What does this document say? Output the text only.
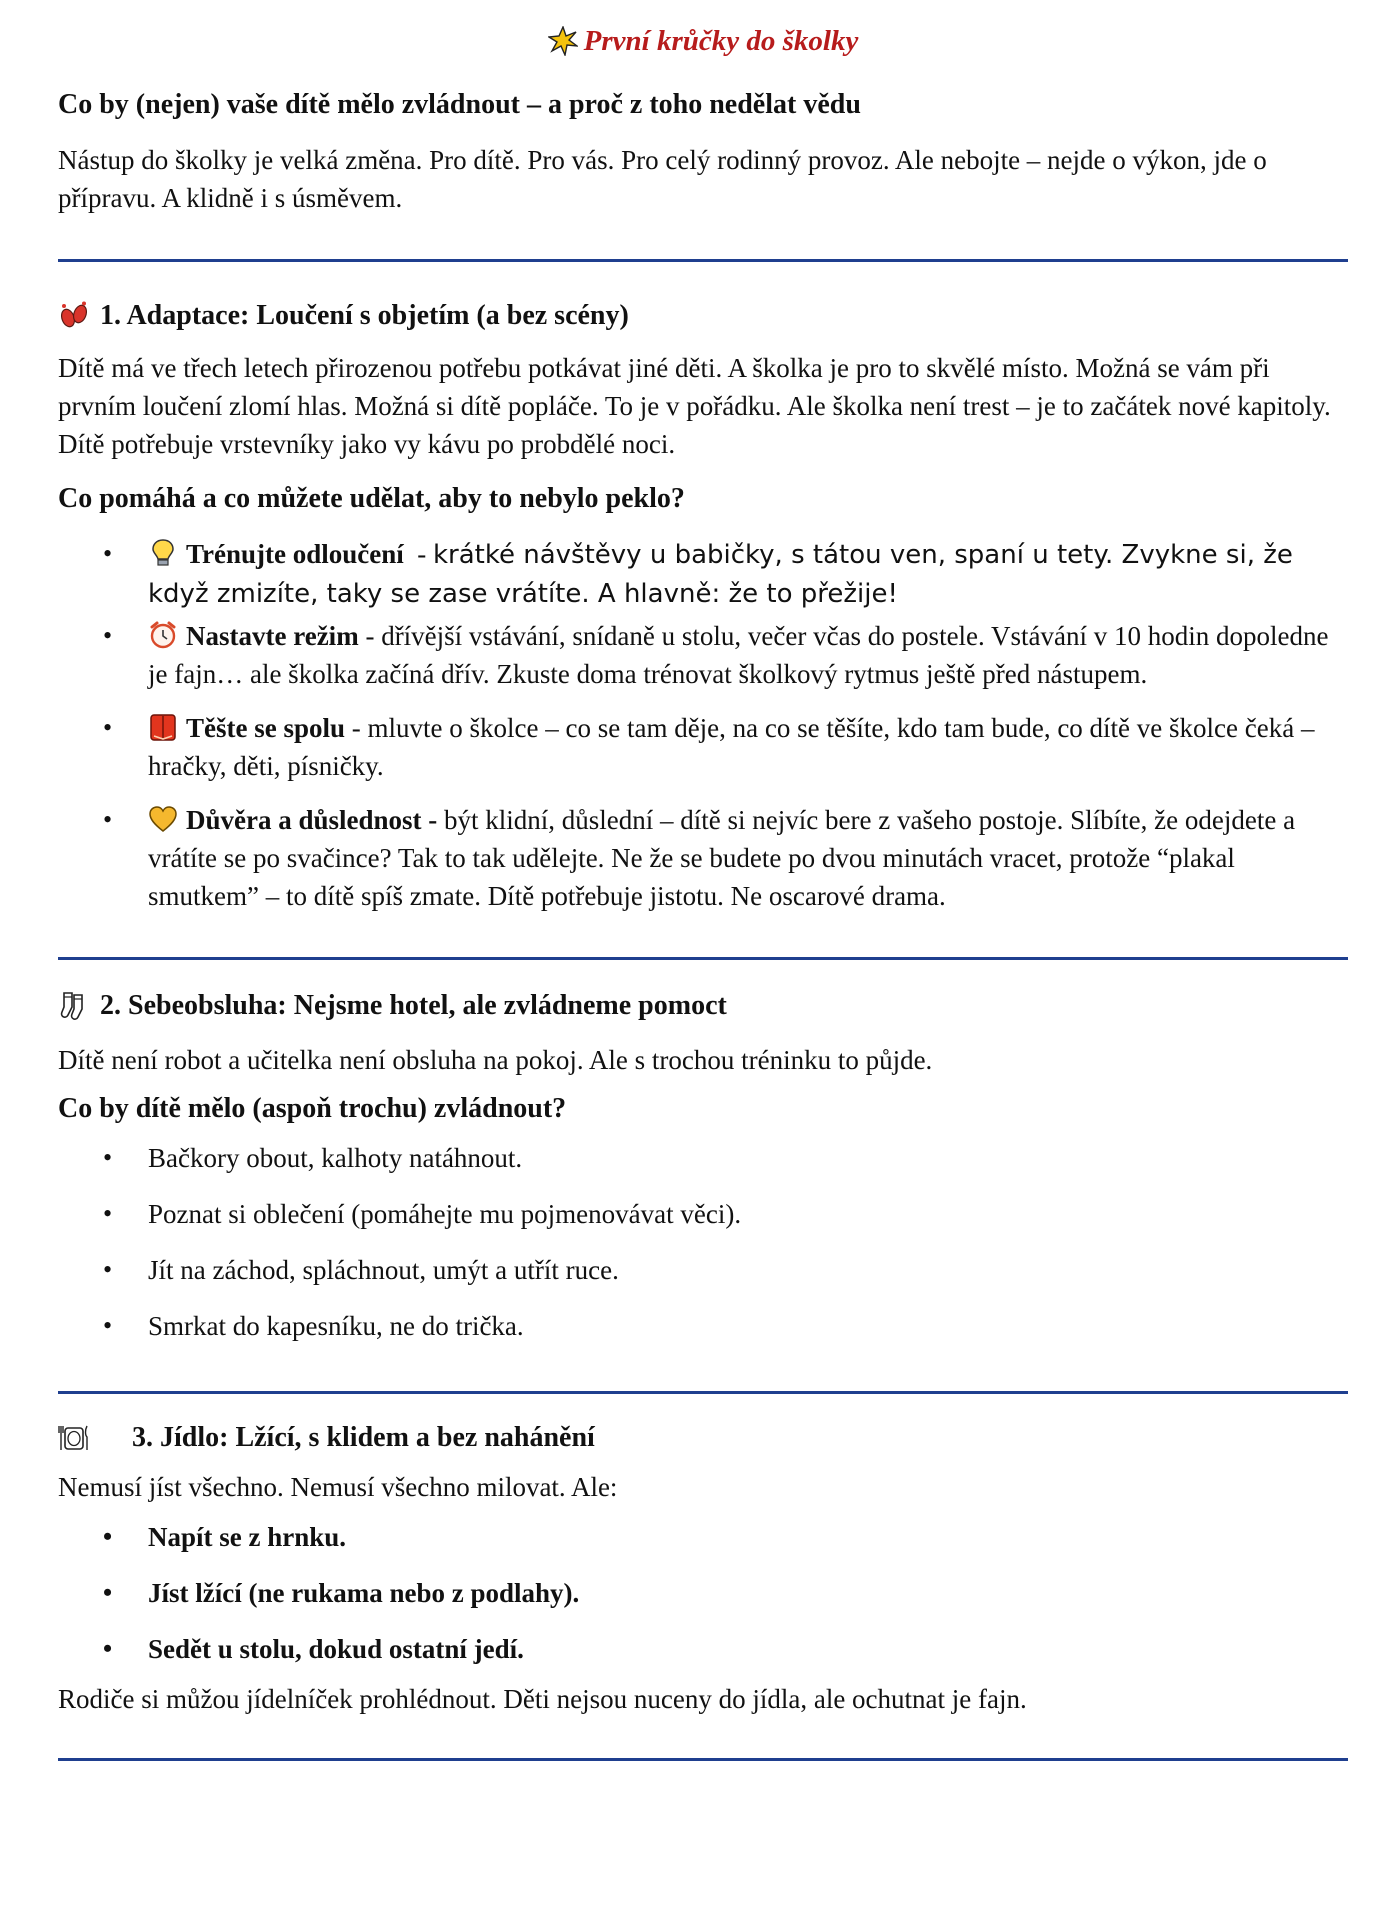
První krůčky do školky
Co by (nejen) vaše dítě mělo zvládnout – a proč z toho nedělat vědu

Nástup do školky je velká změna. Pro dítě. Pro vás. Pro celý rodinný provoz. Ale nebojte – nejde o výkon, jde o přípravu. A klidně i s úsměvem.

1. Adaptace: Loučení s objetím (a bez scény)

Dítě má ve třech letech přirozenou potřebu potkávat jiné děti. A školka je pro to skvělé místo. Možná se vám při prvním loučení zlomí hlas. Možná si dítě popláče. To je v pořádku. Ale školka není trest – je to začátek nové kapitoly. Dítě potřebuje vrstevníky jako vy kávu po probdělé noci.

Co pomáhá a co můžete udělat, aby to nebylo peklo?
• Trénujte odloučení  - krátké návštěvy u babičky, s tátou ven, spaní u tety. Zvykne si, že když zmizíte, taky se zase vrátíte. A hlavně: že to přežije!
• Nastavte režim - dřívější vstávání, snídaně u stolu, večer včas do postele. Vstávání v 10 hodin dopoledne je fajn… ale školka začíná dřív. Zkuste doma trénovat školkový rytmus ještě před nástupem.
• Těšte se spolu - mluvte o školce – co se tam děje, na co se těšíte, kdo tam bude, co dítě ve školce čeká – hračky, děti, písničky.
• Důvěra a důslednost - být klidní, důslední – dítě si nejvíc bere z vašeho postoje. Slíbíte, že odejdete a vrátíte se po svačince? Tak to tak udělejte. Ne že se budete po dvou minutách vracet, protože “plakal smutkem” – to dítě spíš zmate. Dítě potřebuje jistotu. Ne oscarové drama.
2. Sebeobsluha: Nejsme hotel, ale zvládneme pomoct

Dítě není robot a učitelka není obsluha na pokoj. Ale s trochou tréninku to půjde.

Co by dítě mělo (aspoň trochu) zvládnout?
• Bačkory obout, kalhoty natáhnout.
• Poznat si oblečení (pomáhejte mu pojmenovávat věci).
• Jít na záchod, spláchnout, umýt a utřít ruce.
• Smrkat do kapesníku, ne do trička.
3. Jídlo: Lžící, s klidem a bez nahánění

Nemusí jíst všechno. Nemusí všechno milovat. Ale:

• Napít se z hrnku.
• Jíst lžící (ne rukama nebo z podlahy).
• Sedět u stolu, dokud ostatní jedí.

Rodiče si můžou jídelníček prohlédnout. Děti nejsou nuceny do jídla, ale ochutnat je fajn.
